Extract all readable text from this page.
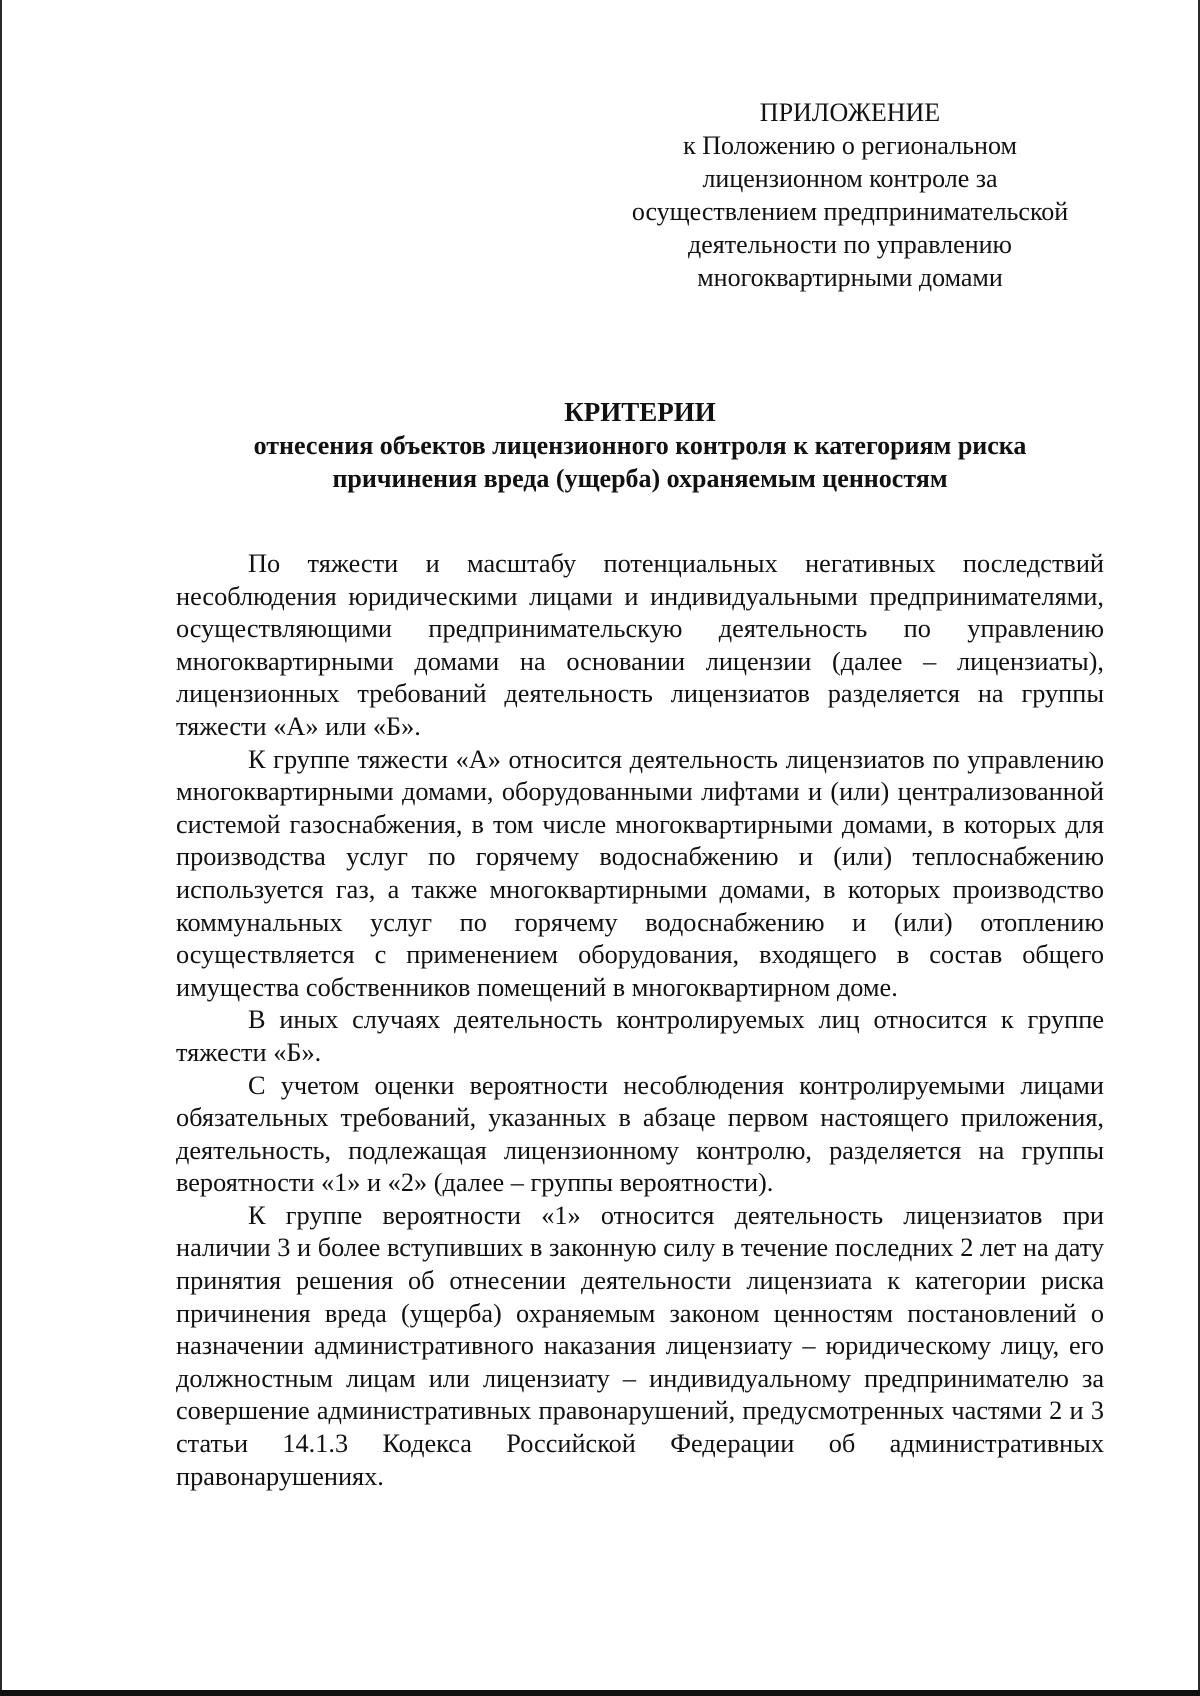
ПРИЛОЖЕНИЕ
к Положению о региональном
лицензионном контроле за
осуществлением предпринимательской
деятельности по управлению
многоквартирными домами
КРИТЕРИИ
отнесения объектов лицензионного контроля к категориям риска
причинения вреда (ущерба) охраняемым ценностям

По тяжести и масштабу потенциальных негативных последствий несоблюдения юридическими лицами и индивидуальными предпринимателями, осуществляющими предпринимательскую деятельность по управлению многоквартирными домами на основании лицензии (далее – лицензиаты), лицензионных требований деятельность лицензиатов разделяется на группы тяжести «А» или «Б».

К группе тяжести «А» относится деятельность лицензиатов по управлению многоквартирными домами, оборудованными лифтами и (или) централизованной системой газоснабжения, в том числе многоквартирными домами, в которых для производства услуг по горячему водоснабжению и (или) теплоснабжению используется газ, а также многоквартирными домами, в которых производство коммунальных услуг по горячему водоснабжению и (или) отоплению осуществляется с применением оборудования, входящего в состав общего имущества собственников помещений в многоквартирном доме.

В иных случаях деятельность контролируемых лиц относится к группе тяжести «Б».

С учетом оценки вероятности несоблюдения контролируемыми лицами обязательных требований, указанных в абзаце первом настоящего приложения, деятельность, подлежащая лицензионному контролю, разделяется на группы вероятности «1» и «2» (далее – группы вероятности).

К группе вероятности «1» относится деятельность лицензиатов при наличии 3 и более вступивших в законную силу в течение последних 2 лет на дату принятия решения об отнесении деятельности лицензиата к категории риска причинения вреда (ущерба) охраняемым законом ценностям постановлений о назначении административного наказания лицензиату – юридическому лицу, его должностным лицам или лицензиату – индивидуальному предпринимателю за совершение административных правонарушений, предусмотренных частями 2 и 3 статьи 14.1.3 Кодекса Российской Федерации об административных правонарушениях.
